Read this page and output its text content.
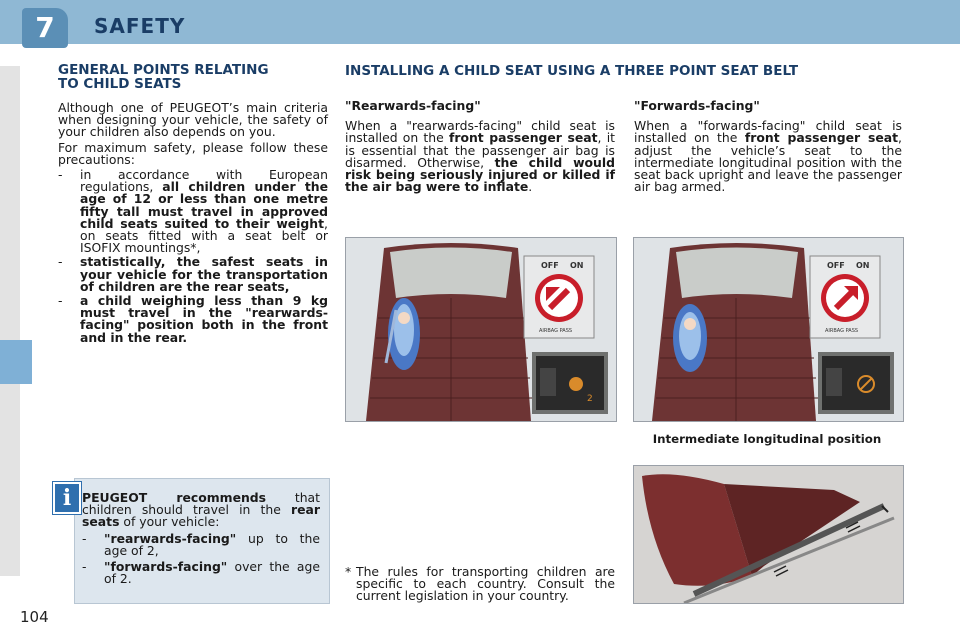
7	SAFETY
GENERAL POINTS RELATING
TO CHILD SEATS

Although one of PEUGEOT’s main criteria when designing your vehicle, the safety of your children also depends on you.

For maximum safety, please follow these precautions:

-	in accordance with European regulations, all children under the age of 12 or less than one metre fifty tall must travel in approved child seats suited to their weight, on seats fitted with a seat belt or ISOFIX mountings*,
-	statistically, the safest seats in your vehicle for the transportation of children are the rear seats,
-	a child weighing less than 9 kg must travel in the "rearwards-facing" position both in the front and in the rear.
i PEUGEOT recommends that children should travel in the rear seats of your vehicle:

-	"rearwards-facing" up to the age of 2,
-	"forwards-facing" over the age of 2.
INSTALLING A CHILD SEAT USING A THREE POINT SEAT BELT

"Rearwards-facing"

When a "rearwards-facing" child seat is installed on the front passenger seat, it is essential that the passenger air bag is disarmed. Otherwise, the child would risk being seriously injured or killed if the air bag were to inflate.

"Forwards-facing"

When a "forwards-facing" child seat is installed on the front passenger seat, adjust the vehicle’s seat to the intermediate longitudinal position with the seat back upright and leave the passenger air bag armed.

OFF ON
AIRBAG PASS
2
OFF ON
AIRBAG PASS
Intermediate longitudinal position
* The rules for transporting children are specific to each country. Consult the current legislation in your country.
104
